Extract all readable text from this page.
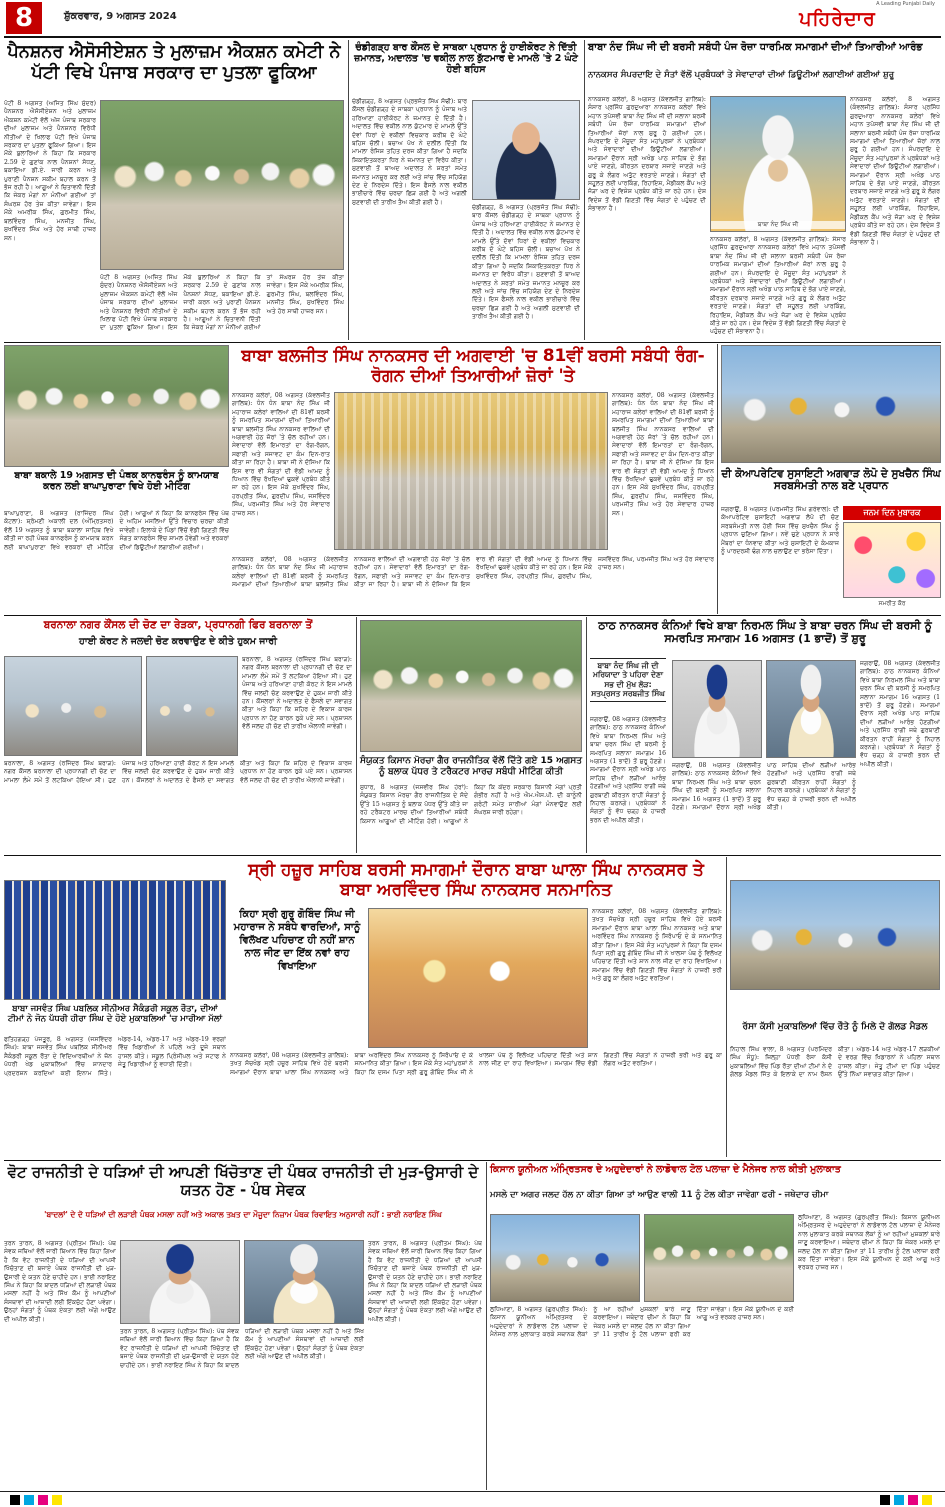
8	ਸ਼ੁੱਕਰਵਾਰ, 9 ਅਗਸਤ 2024
A Leading Punjabi Daily
ਪਹਿਰੇਦਾਰ
ਪੈਨਸ਼ਨਰ ਐਸੋਸੀਏਸ਼ਨ ਤੇ ਮੁਲਾਜ਼ਮ ਐਕਸ਼ਨ ਕਮੇਟੀ ਨੇ ਪੱਟੀ ਵਿਖੇ ਪੰਜਾਬ ਸਰਕਾਰ ਦਾ ਪੁਤਲਾ ਫੂਕਿਆ
ਪੱਟੀ 8 ਅਗਸਤ (ਅਜਿਤ ਸਿੰਘ ਸੁੰਦਰ) ਪੈਨਸ਼ਨਰ ਐਸੋਸੀਏਸ਼ਨ ਅਤੇ ਮੁਲਾਜ਼ਮ ਐਕਸ਼ਨ ਕਮੇਟੀ ਵੱਲੋਂ ਅੱਜ ਪੰਜਾਬ ਸਰਕਾਰ ਦੀਆਂ ਮੁਲਾਜ਼ਮ ਅਤੇ ਪੈਨਸ਼ਨਰ ਵਿਰੋਧੀ ਨੀਤੀਆਂ ਦੇ ਖਿਲਾਫ ਪੱਟੀ ਵਿਖੇ ਪੰਜਾਬ ਸਰਕਾਰ ਦਾ ਪੁਤਲਾ ਫੂਕਿਆ ਗਿਆ। ਇਸ ਮੌਕੇ ਬੁਲਾਰਿਆਂ ਨੇ ਕਿਹਾ ਕਿ ਸਰਕਾਰ 2.59 ਦੇ ਗੁਣਾਂਕ ਨਾਲ ਪੈਨਸ਼ਨਾਂ ਸੋਧਣ, ਬਕਾਇਆ ਡੀ.ਏ. ਜਾਰੀ ਕਰਨ ਅਤੇ ਪੁਰਾਣੀ ਪੈਨਸ਼ਨ ਸਕੀਮ ਬਹਾਲ ਕਰਨ ਤੋਂ ਭੱਜ ਰਹੀ ਹੈ। ਆਗੂਆਂ ਨੇ ਚਿਤਾਵਨੀ ਦਿੱਤੀ ਕਿ ਜੇਕਰ ਮੰਗਾਂ ਨਾ ਮੰਨੀਆਂ ਗਈਆਂ ਤਾਂ ਸੰਘਰਸ਼ ਹੋਰ ਤੇਜ਼ ਕੀਤਾ ਜਾਵੇਗਾ। ਇਸ ਮੌਕੇ ਅਮਰੀਕ ਸਿੰਘ, ਗੁਰਮੀਤ ਸਿੰਘ, ਬਲਵਿੰਦਰ ਸਿੰਘ, ਮਨਜੀਤ ਸਿੰਘ, ਸੁਖਵਿੰਦਰ ਸਿੰਘ ਅਤੇ ਹੋਰ ਸਾਥੀ ਹਾਜ਼ਰ ਸਨ।
ਪੱਟੀ 8 ਅਗਸਤ (ਅਜਿਤ ਸਿੰਘ ਸੁੰਦਰ) ਪੈਨਸ਼ਨਰ ਐਸੋਸੀਏਸ਼ਨ ਅਤੇ ਮੁਲਾਜ਼ਮ ਐਕਸ਼ਨ ਕਮੇਟੀ ਵੱਲੋਂ ਅੱਜ ਪੰਜਾਬ ਸਰਕਾਰ ਦੀਆਂ ਮੁਲਾਜ਼ਮ ਅਤੇ ਪੈਨਸ਼ਨਰ ਵਿਰੋਧੀ ਨੀਤੀਆਂ ਦੇ ਖਿਲਾਫ ਪੱਟੀ ਵਿਖੇ ਪੰਜਾਬ ਸਰਕਾਰ ਦਾ ਪੁਤਲਾ ਫੂਕਿਆ ਗਿਆ। ਇਸ ਮੌਕੇ ਬੁਲਾਰਿਆਂ ਨੇ ਕਿਹਾ ਕਿ ਸਰਕਾਰ 2.59 ਦੇ ਗੁਣਾਂਕ ਨਾਲ ਪੈਨਸ਼ਨਾਂ ਸੋਧਣ, ਬਕਾਇਆ ਡੀ.ਏ. ਜਾਰੀ ਕਰਨ ਅਤੇ ਪੁਰਾਣੀ ਪੈਨਸ਼ਨ ਸਕੀਮ ਬਹਾਲ ਕਰਨ ਤੋਂ ਭੱਜ ਰਹੀ ਹੈ। ਆਗੂਆਂ ਨੇ ਚਿਤਾਵਨੀ ਦਿੱਤੀ ਕਿ ਜੇਕਰ ਮੰਗਾਂ ਨਾ ਮੰਨੀਆਂ ਗਈਆਂ ਤਾਂ ਸੰਘਰਸ਼ ਹੋਰ ਤੇਜ਼ ਕੀਤਾ ਜਾਵੇਗਾ। ਇਸ ਮੌਕੇ ਅਮਰੀਕ ਸਿੰਘ, ਗੁਰਮੀਤ ਸਿੰਘ, ਬਲਵਿੰਦਰ ਸਿੰਘ, ਮਨਜੀਤ ਸਿੰਘ, ਸੁਖਵਿੰਦਰ ਸਿੰਘ ਅਤੇ ਹੋਰ ਸਾਥੀ ਹਾਜ਼ਰ ਸਨ।
ਚੰਡੀਗੜ੍ਹ ਬਾਰ ਕੌਂਸਲ ਦੇ ਸਾਬਕਾ ਪ੍ਰਧਾਨ ਨੂੰ ਹਾਈਕੋਰਟ ਨੇ ਦਿੱਤੀ ਜ਼ਮਾਨਤ, ਅਦਾਲਤ 'ਚ ਵਕੀਲ ਨਾਲ ਕੁੱਟਮਾਰ ਦੇ ਮਾਮਲੇ 'ਤੇ 2 ਘੰਟੇ ਹੋਈ ਬਹਿਸ
ਚੰਡੀਗੜ੍ਹ, 8 ਅਗਸਤ (ਪ੍ਰਭਜੋਤ ਸਿੰਘ ਸੋਢੀ): ਬਾਰ ਕੌਂਸਲ ਚੰਡੀਗੜ੍ਹ ਦੇ ਸਾਬਕਾ ਪ੍ਰਧਾਨ ਨੂੰ ਪੰਜਾਬ ਅਤੇ ਹਰਿਆਣਾ ਹਾਈਕੋਰਟ ਨੇ ਜ਼ਮਾਨਤ ਦੇ ਦਿੱਤੀ ਹੈ। ਅਦਾਲਤ ਵਿੱਚ ਵਕੀਲ ਨਾਲ ਕੁੱਟਮਾਰ ਦੇ ਮਾਮਲੇ ਉੱਤੇ ਦੋਵਾਂ ਧਿਰਾਂ ਦੇ ਵਕੀਲਾਂ ਵਿਚਕਾਰ ਕਰੀਬ ਦੋ ਘੰਟੇ ਬਹਿਸ ਚੱਲੀ। ਬਚਾਅ ਪੱਖ ਨੇ ਦਲੀਲ ਦਿੱਤੀ ਕਿ ਮਾਮਲਾ ਰੰਜਿਸ਼ ਤਹਿਤ ਦਰਜ ਕੀਤਾ ਗਿਆ ਹੈ ਜਦਕਿ ਸ਼ਿਕਾਇਤਕਰਤਾ ਧਿਰ ਨੇ ਜ਼ਮਾਨਤ ਦਾ ਵਿਰੋਧ ਕੀਤਾ। ਸੁਣਵਾਈ ਤੋਂ ਬਾਅਦ ਅਦਾਲਤ ਨੇ ਸ਼ਰਤਾਂ ਸਮੇਤ ਜ਼ਮਾਨਤ ਮਨਜ਼ੂਰ ਕਰ ਲਈ ਅਤੇ ਜਾਂਚ ਵਿੱਚ ਸਹਿਯੋਗ ਦੇਣ ਦੇ ਨਿਰਦੇਸ਼ ਦਿੱਤੇ। ਇਸ ਫੈਸਲੇ ਨਾਲ ਵਕੀਲ ਭਾਈਚਾਰੇ ਵਿੱਚ ਚਰਚਾ ਛਿੜ ਗਈ ਹੈ ਅਤੇ ਅਗਲੀ ਸੁਣਵਾਈ ਦੀ ਤਾਰੀਖ ਤੈਅ ਕੀਤੀ ਗਈ ਹੈ।
ਚੰਡੀਗੜ੍ਹ, 8 ਅਗਸਤ (ਪ੍ਰਭਜੋਤ ਸਿੰਘ ਸੋਢੀ): ਬਾਰ ਕੌਂਸਲ ਚੰਡੀਗੜ੍ਹ ਦੇ ਸਾਬਕਾ ਪ੍ਰਧਾਨ ਨੂੰ ਪੰਜਾਬ ਅਤੇ ਹਰਿਆਣਾ ਹਾਈਕੋਰਟ ਨੇ ਜ਼ਮਾਨਤ ਦੇ ਦਿੱਤੀ ਹੈ। ਅਦਾਲਤ ਵਿੱਚ ਵਕੀਲ ਨਾਲ ਕੁੱਟਮਾਰ ਦੇ ਮਾਮਲੇ ਉੱਤੇ ਦੋਵਾਂ ਧਿਰਾਂ ਦੇ ਵਕੀਲਾਂ ਵਿਚਕਾਰ ਕਰੀਬ ਦੋ ਘੰਟੇ ਬਹਿਸ ਚੱਲੀ। ਬਚਾਅ ਪੱਖ ਨੇ ਦਲੀਲ ਦਿੱਤੀ ਕਿ ਮਾਮਲਾ ਰੰਜਿਸ਼ ਤਹਿਤ ਦਰਜ ਕੀਤਾ ਗਿਆ ਹੈ ਜਦਕਿ ਸ਼ਿਕਾਇਤਕਰਤਾ ਧਿਰ ਨੇ ਜ਼ਮਾਨਤ ਦਾ ਵਿਰੋਧ ਕੀਤਾ। ਸੁਣਵਾਈ ਤੋਂ ਬਾਅਦ ਅਦਾਲਤ ਨੇ ਸ਼ਰਤਾਂ ਸਮੇਤ ਜ਼ਮਾਨਤ ਮਨਜ਼ੂਰ ਕਰ ਲਈ ਅਤੇ ਜਾਂਚ ਵਿੱਚ ਸਹਿਯੋਗ ਦੇਣ ਦੇ ਨਿਰਦੇਸ਼ ਦਿੱਤੇ। ਇਸ ਫੈਸਲੇ ਨਾਲ ਵਕੀਲ ਭਾਈਚਾਰੇ ਵਿੱਚ ਚਰਚਾ ਛਿੜ ਗਈ ਹੈ ਅਤੇ ਅਗਲੀ ਸੁਣਵਾਈ ਦੀ ਤਾਰੀਖ ਤੈਅ ਕੀਤੀ ਗਈ ਹੈ।
ਬਾਬਾ ਨੰਦ ਸਿੰਘ ਜੀ ਦੀ ਬਰਸੀ ਸਬੰਧੀ ਪੰਜ ਰੋਜ਼ਾ ਧਾਰਮਿਕ ਸਮਾਗਮਾਂ ਦੀਆਂ ਤਿਆਰੀਆਂ ਆਰੰਭ
ਨਾਨਕਸਰ ਸੰਪਰਦਾਇ ਦੇ ਸੰਤਾਂ ਵੱਲੋਂ ਪ੍ਰਬੰਧਕਾਂ ਤੇ ਸੇਵਾਦਾਰਾਂ ਦੀਆਂ ਡਿਊਟੀਆਂ ਲਗਾਈਆਂ ਗਈਆਂ ਸ਼ੁਰੂ
ਨਾਨਕਸਰ ਕਲੇਰਾਂ, 8 ਅਗਸਤ (ਕੰਵਲਜੀਤ ਗਾਲਿਬ): ਸੰਸਾਰ ਪ੍ਰਸਿੱਧ ਗੁਰਦੁਆਰਾ ਨਾਨਕਸਰ ਕਲੇਰਾਂ ਵਿਖੇ ਮਹਾਨ ਤਪੱਸਵੀ ਬਾਬਾ ਨੰਦ ਸਿੰਘ ਜੀ ਦੀ ਸਲਾਨਾ ਬਰਸੀ ਸਬੰਧੀ ਪੰਜ ਰੋਜ਼ਾ ਧਾਰਮਿਕ ਸਮਾਗਮਾਂ ਦੀਆਂ ਤਿਆਰੀਆਂ ਜ਼ੋਰਾਂ ਨਾਲ ਸ਼ੁਰੂ ਹੋ ਗਈਆਂ ਹਨ। ਸੰਪਰਦਾਇ ਦੇ ਮੌਜੂਦਾ ਸੰਤ ਮਹਾਂਪੁਰਸ਼ਾਂ ਨੇ ਪ੍ਰਬੰਧਕਾਂ ਅਤੇ ਸੇਵਾਦਾਰਾਂ ਦੀਆਂ ਡਿਊਟੀਆਂ ਲਗਾਈਆਂ। ਸਮਾਗਮਾਂ ਦੌਰਾਨ ਸ੍ਰੀ ਅਖੰਡ ਪਾਠ ਸਾਹਿਬ ਦੇ ਭੋਗ ਪਾਏ ਜਾਣਗੇ, ਕੀਰਤਨ ਦਰਬਾਰ ਸਜਾਏ ਜਾਣਗੇ ਅਤੇ ਗੁਰੂ ਕੇ ਲੰਗਰ ਅਤੁੱਟ ਵਰਤਾਏ ਜਾਣਗੇ। ਸੰਗਤਾਂ ਦੀ ਸਹੂਲਤ ਲਈ ਪਾਰਕਿੰਗ, ਰਿਹਾਇਸ਼, ਮੈਡੀਕਲ ਕੈਂਪ ਅਤੇ ਜੋੜਾ ਘਰ ਦੇ ਵਿਸ਼ੇਸ਼ ਪ੍ਰਬੰਧ ਕੀਤੇ ਜਾ ਰਹੇ ਹਨ। ਦੇਸ਼ ਵਿਦੇਸ਼ ਤੋਂ ਵੱਡੀ ਗਿਣਤੀ ਵਿੱਚ ਸੰਗਤਾਂ ਦੇ ਪਹੁੰਚਣ ਦੀ ਸੰਭਾਵਨਾ ਹੈ।
ਬਾਬਾ ਨੰਦ ਸਿੰਘ ਜੀ
ਨਾਨਕਸਰ ਕਲੇਰਾਂ, 8 ਅਗਸਤ (ਕੰਵਲਜੀਤ ਗਾਲਿਬ): ਸੰਸਾਰ ਪ੍ਰਸਿੱਧ ਗੁਰਦੁਆਰਾ ਨਾਨਕਸਰ ਕਲੇਰਾਂ ਵਿਖੇ ਮਹਾਨ ਤਪੱਸਵੀ ਬਾਬਾ ਨੰਦ ਸਿੰਘ ਜੀ ਦੀ ਸਲਾਨਾ ਬਰਸੀ ਸਬੰਧੀ ਪੰਜ ਰੋਜ਼ਾ ਧਾਰਮਿਕ ਸਮਾਗਮਾਂ ਦੀਆਂ ਤਿਆਰੀਆਂ ਜ਼ੋਰਾਂ ਨਾਲ ਸ਼ੁਰੂ ਹੋ ਗਈਆਂ ਹਨ। ਸੰਪਰਦਾਇ ਦੇ ਮੌਜੂਦਾ ਸੰਤ ਮਹਾਂਪੁਰਸ਼ਾਂ ਨੇ ਪ੍ਰਬੰਧਕਾਂ ਅਤੇ ਸੇਵਾਦਾਰਾਂ ਦੀਆਂ ਡਿਊਟੀਆਂ ਲਗਾਈਆਂ। ਸਮਾਗਮਾਂ ਦੌਰਾਨ ਸ੍ਰੀ ਅਖੰਡ ਪਾਠ ਸਾਹਿਬ ਦੇ ਭੋਗ ਪਾਏ ਜਾਣਗੇ, ਕੀਰਤਨ ਦਰਬਾਰ ਸਜਾਏ ਜਾਣਗੇ ਅਤੇ ਗੁਰੂ ਕੇ ਲੰਗਰ ਅਤੁੱਟ ਵਰਤਾਏ ਜਾਣਗੇ। ਸੰਗਤਾਂ ਦੀ ਸਹੂਲਤ ਲਈ ਪਾਰਕਿੰਗ, ਰਿਹਾਇਸ਼, ਮੈਡੀਕਲ ਕੈਂਪ ਅਤੇ ਜੋੜਾ ਘਰ ਦੇ ਵਿਸ਼ੇਸ਼ ਪ੍ਰਬੰਧ ਕੀਤੇ ਜਾ ਰਹੇ ਹਨ। ਦੇਸ਼ ਵਿਦੇਸ਼ ਤੋਂ ਵੱਡੀ ਗਿਣਤੀ ਵਿੱਚ ਸੰਗਤਾਂ ਦੇ ਪਹੁੰਚਣ ਦੀ ਸੰਭਾਵਨਾ ਹੈ।
ਨਾਨਕਸਰ ਕਲੇਰਾਂ, 8 ਅਗਸਤ (ਕੰਵਲਜੀਤ ਗਾਲਿਬ): ਸੰਸਾਰ ਪ੍ਰਸਿੱਧ ਗੁਰਦੁਆਰਾ ਨਾਨਕਸਰ ਕਲੇਰਾਂ ਵਿਖੇ ਮਹਾਨ ਤਪੱਸਵੀ ਬਾਬਾ ਨੰਦ ਸਿੰਘ ਜੀ ਦੀ ਸਲਾਨਾ ਬਰਸੀ ਸਬੰਧੀ ਪੰਜ ਰੋਜ਼ਾ ਧਾਰਮਿਕ ਸਮਾਗਮਾਂ ਦੀਆਂ ਤਿਆਰੀਆਂ ਜ਼ੋਰਾਂ ਨਾਲ ਸ਼ੁਰੂ ਹੋ ਗਈਆਂ ਹਨ। ਸੰਪਰਦਾਇ ਦੇ ਮੌਜੂਦਾ ਸੰਤ ਮਹਾਂਪੁਰਸ਼ਾਂ ਨੇ ਪ੍ਰਬੰਧਕਾਂ ਅਤੇ ਸੇਵਾਦਾਰਾਂ ਦੀਆਂ ਡਿਊਟੀਆਂ ਲਗਾਈਆਂ। ਸਮਾਗਮਾਂ ਦੌਰਾਨ ਸ੍ਰੀ ਅਖੰਡ ਪਾਠ ਸਾਹਿਬ ਦੇ ਭੋਗ ਪਾਏ ਜਾਣਗੇ, ਕੀਰਤਨ ਦਰਬਾਰ ਸਜਾਏ ਜਾਣਗੇ ਅਤੇ ਗੁਰੂ ਕੇ ਲੰਗਰ ਅਤੁੱਟ ਵਰਤਾਏ ਜਾਣਗੇ। ਸੰਗਤਾਂ ਦੀ ਸਹੂਲਤ ਲਈ ਪਾਰਕਿੰਗ, ਰਿਹਾਇਸ਼, ਮੈਡੀਕਲ ਕੈਂਪ ਅਤੇ ਜੋੜਾ ਘਰ ਦੇ ਵਿਸ਼ੇਸ਼ ਪ੍ਰਬੰਧ ਕੀਤੇ ਜਾ ਰਹੇ ਹਨ। ਦੇਸ਼ ਵਿਦੇਸ਼ ਤੋਂ ਵੱਡੀ ਗਿਣਤੀ ਵਿੱਚ ਸੰਗਤਾਂ ਦੇ ਪਹੁੰਚਣ ਦੀ ਸੰਭਾਵਨਾ ਹੈ।
ਬਾਬਾ ਬਲਜੀਤ ਸਿੰਘ ਨਾਨਕਸਰ ਦੀ ਅਗਵਾਈ 'ਚ 81ਵੀਂ ਬਰਸੀ ਸਬੰਧੀ ਰੰਗ-ਰੋਗਨ ਦੀਆਂ ਤਿਆਰੀਆਂ ਜ਼ੋਰਾਂ 'ਤੇ
ਨਾਨਕਸਰ ਕਲੇਰਾਂ, 08 ਅਗਸਤ (ਕੰਵਲਜੀਤ ਗਾਲਿਬ): ਧੰਨ ਧੰਨ ਬਾਬਾ ਨੰਦ ਸਿੰਘ ਜੀ ਮਹਾਰਾਜ ਕਲੇਰਾਂ ਵਾਲਿਆਂ ਦੀ 81ਵੀਂ ਬਰਸੀ ਨੂੰ ਸਮਰਪਿਤ ਸਮਾਗਮਾਂ ਦੀਆਂ ਤਿਆਰੀਆਂ ਬਾਬਾ ਬਲਜੀਤ ਸਿੰਘ ਨਾਨਕਸਰ ਵਾਲਿਆਂ ਦੀ ਅਗਵਾਈ ਹੇਠ ਜ਼ੋਰਾਂ 'ਤੇ ਚੱਲ ਰਹੀਆਂ ਹਨ। ਸੇਵਾਦਾਰਾਂ ਵੱਲੋਂ ਇਮਾਰਤਾਂ ਦਾ ਰੰਗ-ਰੋਗਨ, ਸਫਾਈ ਅਤੇ ਸਜਾਵਟ ਦਾ ਕੰਮ ਦਿਨ-ਰਾਤ ਕੀਤਾ ਜਾ ਰਿਹਾ ਹੈ। ਬਾਬਾ ਜੀ ਨੇ ਦੱਸਿਆ ਕਿ ਇਸ ਵਾਰ ਵੀ ਸੰਗਤਾਂ ਦੀ ਵੱਡੀ ਆਮਦ ਨੂੰ ਧਿਆਨ ਵਿੱਚ ਰੱਖਦਿਆਂ ਢੁਕਵੇਂ ਪ੍ਰਬੰਧ ਕੀਤੇ ਜਾ ਰਹੇ ਹਨ। ਇਸ ਮੌਕੇ ਸੁਖਵਿੰਦਰ ਸਿੰਘ, ਹਰਪ੍ਰੀਤ ਸਿੰਘ, ਗੁਰਦੀਪ ਸਿੰਘ, ਜਸਵਿੰਦਰ ਸਿੰਘ, ਪਰਮਜੀਤ ਸਿੰਘ ਅਤੇ ਹੋਰ ਸੇਵਾਦਾਰ ਹਾਜ਼ਰ ਸਨ।
ਨਾਨਕਸਰ ਕਲੇਰਾਂ, 08 ਅਗਸਤ (ਕੰਵਲਜੀਤ ਗਾਲਿਬ): ਧੰਨ ਧੰਨ ਬਾਬਾ ਨੰਦ ਸਿੰਘ ਜੀ ਮਹਾਰਾਜ ਕਲੇਰਾਂ ਵਾਲਿਆਂ ਦੀ 81ਵੀਂ ਬਰਸੀ ਨੂੰ ਸਮਰਪਿਤ ਸਮਾਗਮਾਂ ਦੀਆਂ ਤਿਆਰੀਆਂ ਬਾਬਾ ਬਲਜੀਤ ਸਿੰਘ ਨਾਨਕਸਰ ਵਾਲਿਆਂ ਦੀ ਅਗਵਾਈ ਹੇਠ ਜ਼ੋਰਾਂ 'ਤੇ ਚੱਲ ਰਹੀਆਂ ਹਨ। ਸੇਵਾਦਾਰਾਂ ਵੱਲੋਂ ਇਮਾਰਤਾਂ ਦਾ ਰੰਗ-ਰੋਗਨ, ਸਫਾਈ ਅਤੇ ਸਜਾਵਟ ਦਾ ਕੰਮ ਦਿਨ-ਰਾਤ ਕੀਤਾ ਜਾ ਰਿਹਾ ਹੈ। ਬਾਬਾ ਜੀ ਨੇ ਦੱਸਿਆ ਕਿ ਇਸ ਵਾਰ ਵੀ ਸੰਗਤਾਂ ਦੀ ਵੱਡੀ ਆਮਦ ਨੂੰ ਧਿਆਨ ਵਿੱਚ ਰੱਖਦਿਆਂ ਢੁਕਵੇਂ ਪ੍ਰਬੰਧ ਕੀਤੇ ਜਾ ਰਹੇ ਹਨ। ਇਸ ਮੌਕੇ ਸੁਖਵਿੰਦਰ ਸਿੰਘ, ਹਰਪ੍ਰੀਤ ਸਿੰਘ, ਗੁਰਦੀਪ ਸਿੰਘ, ਜਸਵਿੰਦਰ ਸਿੰਘ, ਪਰਮਜੀਤ ਸਿੰਘ ਅਤੇ ਹੋਰ ਸੇਵਾਦਾਰ ਹਾਜ਼ਰ ਸਨ।
ਬਾਬਾ ਬਕਾਲੇ 19 ਅਗਸਤ ਦੀ ਪੰਥਕ ਕਾਨਫਰੰਸ ਨੂੰ ਕਾਮਯਾਬ ਕਰਨ ਲਈ ਬਾਘਾਪੁਰਾਣਾ ਵਿਖੇ ਹੋਈ ਮੀਟਿੰਗ
ਬਾਘਾਪੁਰਾਣਾ, 8 ਅਗਸਤ (ਰਾਜਿੰਦਰ ਸਿੰਘ ਕੋਟਲਾ): ਸ਼੍ਰੋਮਣੀ ਅਕਾਲੀ ਦਲ (ਅੰਮ੍ਰਿਤਸਰ) ਵੱਲੋਂ 19 ਅਗਸਤ ਨੂੰ ਬਾਬਾ ਬਕਾਲਾ ਸਾਹਿਬ ਵਿਖੇ ਕੀਤੀ ਜਾ ਰਹੀ ਪੰਥਕ ਕਾਨਫਰੰਸ ਨੂੰ ਕਾਮਯਾਬ ਕਰਨ ਲਈ ਬਾਘਾਪੁਰਾਣਾ ਵਿਖੇ ਵਰਕਰਾਂ ਦੀ ਮੀਟਿੰਗ ਹੋਈ। ਆਗੂਆਂ ਨੇ ਕਿਹਾ ਕਿ ਕਾਨਫਰੰਸ ਵਿੱਚ ਪੰਥ ਦੇ ਅਹਿਮ ਮਸਲਿਆਂ ਉੱਤੇ ਵਿਚਾਰ ਚਰਚਾ ਕੀਤੀ ਜਾਵੇਗੀ। ਇਲਾਕੇ ਦੇ ਪਿੰਡਾਂ ਵਿੱਚੋਂ ਵੱਡੀ ਗਿਣਤੀ ਵਿੱਚ ਸੰਗਤ ਕਾਨਫਰੰਸ ਵਿੱਚ ਸ਼ਾਮਲ ਹੋਵੇਗੀ ਅਤੇ ਵਰਕਰਾਂ ਦੀਆਂ ਡਿਊਟੀਆਂ ਲਗਾਈਆਂ ਗਈਆਂ।
ਨਾਨਕਸਰ ਕਲੇਰਾਂ, 08 ਅਗਸਤ (ਕੰਵਲਜੀਤ ਗਾਲਿਬ): ਧੰਨ ਧੰਨ ਬਾਬਾ ਨੰਦ ਸਿੰਘ ਜੀ ਮਹਾਰਾਜ ਕਲੇਰਾਂ ਵਾਲਿਆਂ ਦੀ 81ਵੀਂ ਬਰਸੀ ਨੂੰ ਸਮਰਪਿਤ ਸਮਾਗਮਾਂ ਦੀਆਂ ਤਿਆਰੀਆਂ ਬਾਬਾ ਬਲਜੀਤ ਸਿੰਘ ਨਾਨਕਸਰ ਵਾਲਿਆਂ ਦੀ ਅਗਵਾਈ ਹੇਠ ਜ਼ੋਰਾਂ 'ਤੇ ਚੱਲ ਰਹੀਆਂ ਹਨ। ਸੇਵਾਦਾਰਾਂ ਵੱਲੋਂ ਇਮਾਰਤਾਂ ਦਾ ਰੰਗ-ਰੋਗਨ, ਸਫਾਈ ਅਤੇ ਸਜਾਵਟ ਦਾ ਕੰਮ ਦਿਨ-ਰਾਤ ਕੀਤਾ ਜਾ ਰਿਹਾ ਹੈ। ਬਾਬਾ ਜੀ ਨੇ ਦੱਸਿਆ ਕਿ ਇਸ ਵਾਰ ਵੀ ਸੰਗਤਾਂ ਦੀ ਵੱਡੀ ਆਮਦ ਨੂੰ ਧਿਆਨ ਵਿੱਚ ਰੱਖਦਿਆਂ ਢੁਕਵੇਂ ਪ੍ਰਬੰਧ ਕੀਤੇ ਜਾ ਰਹੇ ਹਨ। ਇਸ ਮੌਕੇ ਸੁਖਵਿੰਦਰ ਸਿੰਘ, ਹਰਪ੍ਰੀਤ ਸਿੰਘ, ਗੁਰਦੀਪ ਸਿੰਘ, ਜਸਵਿੰਦਰ ਸਿੰਘ, ਪਰਮਜੀਤ ਸਿੰਘ ਅਤੇ ਹੋਰ ਸੇਵਾਦਾਰ ਹਾਜ਼ਰ ਸਨ।
ਦੀ ਕੋਆਪਰੇਟਿਵ ਸੁਸਾਇਟੀ ਅਗਵਾੜ ਲੋਪੋ ਦੇ ਸੁਖਚੈਨ ਸਿੰਘ ਸਰਬਸੰਮਤੀ ਨਾਲ ਬਣੇ ਪ੍ਰਧਾਨ
ਜਗਰਾਉਂ, 8 ਅਗਸਤ (ਪਰਮਜੀਤ ਸਿੰਘ ਗਰੇਵਾਲ): ਦੀ ਕੋਆਪਰੇਟਿਵ ਸੁਸਾਇਟੀ ਅਗਵਾੜ ਲੋਪੋ ਦੀ ਚੋਣ ਸਰਬਸੰਮਤੀ ਨਾਲ ਹੋਈ ਜਿਸ ਵਿੱਚ ਸੁਖਚੈਨ ਸਿੰਘ ਨੂੰ ਪ੍ਰਧਾਨ ਚੁਣਿਆ ਗਿਆ। ਨਵੇਂ ਚੁਣੇ ਪ੍ਰਧਾਨ ਨੇ ਸਾਰੇ ਮੈਂਬਰਾਂ ਦਾ ਧੰਨਵਾਦ ਕੀਤਾ ਅਤੇ ਸੁਸਾਇਟੀ ਦੇ ਕੰਮਕਾਜ ਨੂੰ ਪਾਰਦਰਸ਼ੀ ਢੰਗ ਨਾਲ ਚਲਾਉਣ ਦਾ ਭਰੋਸਾ ਦਿੱਤਾ।
ਜਨਮ ਦਿਨ ਮੁਬਾਰਕ
ਸਮਰੀਤ ਕੌਰ
ਬਰਨਾਲਾ ਨਗਰ ਕੌਂਸਲ ਦੀ ਚੋਣ ਦਾ ਰੇੜਕਾ, ਪ੍ਰਧਾਨਗੀ ਫਿਰ ਬਰਨਾਲਾ ਤੋਂ
ਹਾਈ ਕੋਰਟ ਨੇ ਜਲਦੀ ਚੋਣ ਕਰਵਾਉਣ ਦੇ ਕੀਤੇ ਹੁਕਮ ਜਾਰੀ
ਬਰਨਾਲਾ, 8 ਅਗਸਤ (ਰਜਿੰਦਰ ਸਿੰਘ ਬਰਾੜ): ਨਗਰ ਕੌਂਸਲ ਬਰਨਾਲਾ ਦੀ ਪ੍ਰਧਾਨਗੀ ਦੀ ਚੋਣ ਦਾ ਮਾਮਲਾ ਲੰਮੇ ਸਮੇਂ ਤੋਂ ਲਟਕਿਆ ਹੋਇਆ ਸੀ। ਹੁਣ ਪੰਜਾਬ ਅਤੇ ਹਰਿਆਣਾ ਹਾਈ ਕੋਰਟ ਨੇ ਇਸ ਮਾਮਲੇ ਵਿੱਚ ਜਲਦੀ ਚੋਣ ਕਰਵਾਉਣ ਦੇ ਹੁਕਮ ਜਾਰੀ ਕੀਤੇ ਹਨ। ਕੌਂਸਲਰਾਂ ਨੇ ਅਦਾਲਤ ਦੇ ਫੈਸਲੇ ਦਾ ਸਵਾਗਤ ਕੀਤਾ ਅਤੇ ਕਿਹਾ ਕਿ ਸ਼ਹਿਰ ਦੇ ਵਿਕਾਸ ਕਾਰਜ ਪ੍ਰਧਾਨ ਨਾ ਹੋਣ ਕਾਰਨ ਰੁਕੇ ਪਏ ਸਨ। ਪ੍ਰਸ਼ਾਸਨ ਵੱਲੋਂ ਜਲਦ ਹੀ ਚੋਣ ਦੀ ਤਾਰੀਖ ਐਲਾਨੀ ਜਾਵੇਗੀ।
ਬਰਨਾਲਾ, 8 ਅਗਸਤ (ਰਜਿੰਦਰ ਸਿੰਘ ਬਰਾੜ): ਨਗਰ ਕੌਂਸਲ ਬਰਨਾਲਾ ਦੀ ਪ੍ਰਧਾਨਗੀ ਦੀ ਚੋਣ ਦਾ ਮਾਮਲਾ ਲੰਮੇ ਸਮੇਂ ਤੋਂ ਲਟਕਿਆ ਹੋਇਆ ਸੀ। ਹੁਣ ਪੰਜਾਬ ਅਤੇ ਹਰਿਆਣਾ ਹਾਈ ਕੋਰਟ ਨੇ ਇਸ ਮਾਮਲੇ ਵਿੱਚ ਜਲਦੀ ਚੋਣ ਕਰਵਾਉਣ ਦੇ ਹੁਕਮ ਜਾਰੀ ਕੀਤੇ ਹਨ। ਕੌਂਸਲਰਾਂ ਨੇ ਅਦਾਲਤ ਦੇ ਫੈਸਲੇ ਦਾ ਸਵਾਗਤ ਕੀਤਾ ਅਤੇ ਕਿਹਾ ਕਿ ਸ਼ਹਿਰ ਦੇ ਵਿਕਾਸ ਕਾਰਜ ਪ੍ਰਧਾਨ ਨਾ ਹੋਣ ਕਾਰਨ ਰੁਕੇ ਪਏ ਸਨ। ਪ੍ਰਸ਼ਾਸਨ ਵੱਲੋਂ ਜਲਦ ਹੀ ਚੋਣ ਦੀ ਤਾਰੀਖ ਐਲਾਨੀ ਜਾਵੇਗੀ।
ਸੰਯੁਕਤ ਕਿਸਾਨ ਮੋਰਚਾ ਗੈਰ ਰਾਜਨੀਤਿਕ ਵੱਲੋਂ ਦਿੱਤੇ ਗਏ 15 ਅਗਸਤ ਨੂੰ ਬਲਾਕ ਪੱਧਰ ਤੇ ਟਰੈਕਟਰ ਮਾਰਚ ਸਬੰਧੀ ਮੀਟਿੰਗ ਕੀਤੀ
ਸੁਧਾਰ, 8 ਅਗਸਤ (ਜਸਵੀਰ ਸਿੰਘ ਹੇਰਾਂ): ਸੰਯੁਕਤ ਕਿਸਾਨ ਮੋਰਚਾ ਗੈਰ ਰਾਜਨੀਤਿਕ ਦੇ ਸੱਦੇ ਉੱਤੇ 15 ਅਗਸਤ ਨੂੰ ਬਲਾਕ ਪੱਧਰ ਉੱਤੇ ਕੀਤੇ ਜਾ ਰਹੇ ਟਰੈਕਟਰ ਮਾਰਚ ਦੀਆਂ ਤਿਆਰੀਆਂ ਸਬੰਧੀ ਕਿਸਾਨ ਆਗੂਆਂ ਦੀ ਮੀਟਿੰਗ ਹੋਈ। ਆਗੂਆਂ ਨੇ ਕਿਹਾ ਕਿ ਕੇਂਦਰ ਸਰਕਾਰ ਕਿਸਾਨੀ ਮੰਗਾਂ ਪ੍ਰਤੀ ਗੰਭੀਰ ਨਹੀਂ ਹੈ ਅਤੇ ਐਮ.ਐਸ.ਪੀ. ਦੀ ਕਾਨੂੰਨੀ ਗਰੰਟੀ ਸਮੇਤ ਸਾਰੀਆਂ ਮੰਗਾਂ ਮੰਨਵਾਉਣ ਲਈ ਸੰਘਰਸ਼ ਜਾਰੀ ਰਹੇਗਾ।
ਠਾਠ ਨਾਨਕਸਰ ਕੰਨਿਆਂ ਵਿਖੇ ਬਾਬਾ ਨਿਰਮਲ ਸਿੰਘ ਤੇ ਬਾਬਾ ਚਰਨ ਸਿੰਘ ਦੀ ਬਰਸੀ ਨੂੰ ਸਮਰਪਿਤ ਸਮਾਗਮ 16 ਅਗਸਤ (1 ਭਾਦੋਂ) ਤੋਂ ਸ਼ੁਰੂ
ਬਾਬਾ ਨੰਦ ਸਿੰਘ ਜੀ ਦੀ ਮਰਿਯਾਦਾ ਤੇ ਪਹਿਰਾ ਦੇਣਾ ਸਭ ਦੀ ਮੁੱਖ ਲੋੜ: ਸਤਪ੍ਰਸਤ ਸਰਬਜੀਤ ਸਿੰਘ
ਜਗਰਾਉਂ, 08 ਅਗਸਤ (ਕੰਵਲਜੀਤ ਗਾਲਿਬ): ਠਾਠ ਨਾਨਕਸਰ ਕੰਨਿਆਂ ਵਿਖੇ ਬਾਬਾ ਨਿਰਮਲ ਸਿੰਘ ਅਤੇ ਬਾਬਾ ਚਰਨ ਸਿੰਘ ਦੀ ਬਰਸੀ ਨੂੰ ਸਮਰਪਿਤ ਸਲਾਨਾ ਸਮਾਗਮ 16 ਅਗਸਤ (1 ਭਾਦੋਂ) ਤੋਂ ਸ਼ੁਰੂ ਹੋਣਗੇ। ਸਮਾਗਮਾਂ ਦੌਰਾਨ ਸ੍ਰੀ ਅਖੰਡ ਪਾਠ ਸਾਹਿਬ ਦੀਆਂ ਲੜੀਆਂ ਆਰੰਭ ਹੋਣਗੀਆਂ ਅਤੇ ਪ੍ਰਸਿੱਧ ਰਾਗੀ ਜਥੇ ਗੁਰਬਾਣੀ ਕੀਰਤਨ ਰਾਹੀਂ ਸੰਗਤਾਂ ਨੂੰ ਨਿਹਾਲ ਕਰਨਗੇ। ਪ੍ਰਬੰਧਕਾਂ ਨੇ ਸੰਗਤਾਂ ਨੂੰ ਵੱਧ ਚੜ੍ਹ ਕੇ ਹਾਜ਼ਰੀ ਭਰਨ ਦੀ ਅਪੀਲ ਕੀਤੀ।
ਜਗਰਾਉਂ, 08 ਅਗਸਤ (ਕੰਵਲਜੀਤ ਗਾਲਿਬ): ਠਾਠ ਨਾਨਕਸਰ ਕੰਨਿਆਂ ਵਿਖੇ ਬਾਬਾ ਨਿਰਮਲ ਸਿੰਘ ਅਤੇ ਬਾਬਾ ਚਰਨ ਸਿੰਘ ਦੀ ਬਰਸੀ ਨੂੰ ਸਮਰਪਿਤ ਸਲਾਨਾ ਸਮਾਗਮ 16 ਅਗਸਤ (1 ਭਾਦੋਂ) ਤੋਂ ਸ਼ੁਰੂ ਹੋਣਗੇ। ਸਮਾਗਮਾਂ ਦੌਰਾਨ ਸ੍ਰੀ ਅਖੰਡ ਪਾਠ ਸਾਹਿਬ ਦੀਆਂ ਲੜੀਆਂ ਆਰੰਭ ਹੋਣਗੀਆਂ ਅਤੇ ਪ੍ਰਸਿੱਧ ਰਾਗੀ ਜਥੇ ਗੁਰਬਾਣੀ ਕੀਰਤਨ ਰਾਹੀਂ ਸੰਗਤਾਂ ਨੂੰ ਨਿਹਾਲ ਕਰਨਗੇ। ਪ੍ਰਬੰਧਕਾਂ ਨੇ ਸੰਗਤਾਂ ਨੂੰ ਵੱਧ ਚੜ੍ਹ ਕੇ ਹਾਜ਼ਰੀ ਭਰਨ ਦੀ ਅਪੀਲ ਕੀਤੀ।
ਜਗਰਾਉਂ, 08 ਅਗਸਤ (ਕੰਵਲਜੀਤ ਗਾਲਿਬ): ਠਾਠ ਨਾਨਕਸਰ ਕੰਨਿਆਂ ਵਿਖੇ ਬਾਬਾ ਨਿਰਮਲ ਸਿੰਘ ਅਤੇ ਬਾਬਾ ਚਰਨ ਸਿੰਘ ਦੀ ਬਰਸੀ ਨੂੰ ਸਮਰਪਿਤ ਸਲਾਨਾ ਸਮਾਗਮ 16 ਅਗਸਤ (1 ਭਾਦੋਂ) ਤੋਂ ਸ਼ੁਰੂ ਹੋਣਗੇ। ਸਮਾਗਮਾਂ ਦੌਰਾਨ ਸ੍ਰੀ ਅਖੰਡ ਪਾਠ ਸਾਹਿਬ ਦੀਆਂ ਲੜੀਆਂ ਆਰੰਭ ਹੋਣਗੀਆਂ ਅਤੇ ਪ੍ਰਸਿੱਧ ਰਾਗੀ ਜਥੇ ਗੁਰਬਾਣੀ ਕੀਰਤਨ ਰਾਹੀਂ ਸੰਗਤਾਂ ਨੂੰ ਨਿਹਾਲ ਕਰਨਗੇ। ਪ੍ਰਬੰਧਕਾਂ ਨੇ ਸੰਗਤਾਂ ਨੂੰ ਵੱਧ ਚੜ੍ਹ ਕੇ ਹਾਜ਼ਰੀ ਭਰਨ ਦੀ ਅਪੀਲ ਕੀਤੀ।
ਸ੍ਰੀ ਹਜ਼ੂਰ ਸਾਹਿਬ ਬਰਸੀ ਸਮਾਗਮਾਂ ਦੌਰਾਨ ਬਾਬਾ ਘਾਲਾ ਸਿੰਘ ਨਾਨਕਸਰ ਤੇ ਬਾਬਾ ਅਰਵਿੰਦਰ ਸਿੰਘ ਨਾਨਕਸਰ ਸਨਮਾਨਿਤ
ਕਿਹਾ ਸ੍ਰੀ ਗੁਰੂ ਗੋਬਿੰਦ ਸਿੰਘ ਜੀ ਮਹਾਰਾਜ ਨੇ ਸਬੰਧੇ ਵਾਰਦਿਆਂ, ਸਾਨੂੰ ਵਿਲੱਖਣ ਪਹਿਚਾਣ ਹੀ ਨਹੀਂ ਸ਼ਾਨ ਨਾਲ ਜੀਣ ਦਾ ਇੱਕ ਨਵਾਂ ਰਾਹ ਵਿਖਾਇਆ
ਨਾਨਕਸਰ ਕਲੇਰਾਂ, 08 ਅਗਸਤ (ਕੰਵਲਜੀਤ ਗਾਲਿਬ): ਤਖਤ ਸੱਚਖੰਡ ਸ੍ਰੀ ਹਜ਼ੂਰ ਸਾਹਿਬ ਵਿਖੇ ਹੋਏ ਬਰਸੀ ਸਮਾਗਮਾਂ ਦੌਰਾਨ ਬਾਬਾ ਘਾਲਾ ਸਿੰਘ ਨਾਨਕਸਰ ਅਤੇ ਬਾਬਾ ਅਰਵਿੰਦਰ ਸਿੰਘ ਨਾਨਕਸਰ ਨੂੰ ਸਿਰੋਪਾਓ ਦੇ ਕੇ ਸਨਮਾਨਿਤ ਕੀਤਾ ਗਿਆ। ਇਸ ਮੌਕੇ ਸੰਤ ਮਹਾਂਪੁਰਸ਼ਾਂ ਨੇ ਕਿਹਾ ਕਿ ਦਸਮ ਪਿਤਾ ਸ੍ਰੀ ਗੁਰੂ ਗੋਬਿੰਦ ਸਿੰਘ ਜੀ ਨੇ ਖਾਲਸਾ ਪੰਥ ਨੂੰ ਵਿਲੱਖਣ ਪਹਿਚਾਣ ਦਿੱਤੀ ਅਤੇ ਸ਼ਾਨ ਨਾਲ ਜੀਣ ਦਾ ਰਾਹ ਵਿਖਾਇਆ। ਸਮਾਗਮ ਵਿੱਚ ਵੱਡੀ ਗਿਣਤੀ ਵਿੱਚ ਸੰਗਤਾਂ ਨੇ ਹਾਜ਼ਰੀ ਭਰੀ ਅਤੇ ਗੁਰੂ ਕਾ ਲੰਗਰ ਅਤੁੱਟ ਵਰਤਿਆ।
ਨਾਨਕਸਰ ਕਲੇਰਾਂ, 08 ਅਗਸਤ (ਕੰਵਲਜੀਤ ਗਾਲਿਬ): ਤਖਤ ਸੱਚਖੰਡ ਸ੍ਰੀ ਹਜ਼ੂਰ ਸਾਹਿਬ ਵਿਖੇ ਹੋਏ ਬਰਸੀ ਸਮਾਗਮਾਂ ਦੌਰਾਨ ਬਾਬਾ ਘਾਲਾ ਸਿੰਘ ਨਾਨਕਸਰ ਅਤੇ ਬਾਬਾ ਅਰਵਿੰਦਰ ਸਿੰਘ ਨਾਨਕਸਰ ਨੂੰ ਸਿਰੋਪਾਓ ਦੇ ਕੇ ਸਨਮਾਨਿਤ ਕੀਤਾ ਗਿਆ। ਇਸ ਮੌਕੇ ਸੰਤ ਮਹਾਂਪੁਰਸ਼ਾਂ ਨੇ ਕਿਹਾ ਕਿ ਦਸਮ ਪਿਤਾ ਸ੍ਰੀ ਗੁਰੂ ਗੋਬਿੰਦ ਸਿੰਘ ਜੀ ਨੇ ਖਾਲਸਾ ਪੰਥ ਨੂੰ ਵਿਲੱਖਣ ਪਹਿਚਾਣ ਦਿੱਤੀ ਅਤੇ ਸ਼ਾਨ ਨਾਲ ਜੀਣ ਦਾ ਰਾਹ ਵਿਖਾਇਆ। ਸਮਾਗਮ ਵਿੱਚ ਵੱਡੀ ਗਿਣਤੀ ਵਿੱਚ ਸੰਗਤਾਂ ਨੇ ਹਾਜ਼ਰੀ ਭਰੀ ਅਤੇ ਗੁਰੂ ਕਾ ਲੰਗਰ ਅਤੁੱਟ ਵਰਤਿਆ।
ਬਾਬਾ ਜਸਵੰਤ ਸਿੰਘ ਪਬਲਿਕ ਸੀਨੀਅਰ ਸੈਕੰਡਰੀ ਸਕੂਲ ਰੌਤਾ, ਦੀਆਂ ਟੀਮਾਂ ਨੇ ਜੋਨ ਪੱਧਰੀ ਹੀਰਾ ਸਿੰਘ ਦੇ ਹੋਏ ਮੁਕਾਬਲਿਆਂ 'ਚ ਮਾਰੀਆ ਮੱਲਾਂ
ਫਤਿਹਗੜ੍ਹ ਪੰਜਤੂਰ, 8 ਅਗਸਤ (ਜਸਵਿੰਦਰ ਸਿੰਘ): ਬਾਬਾ ਜਸਵੰਤ ਸਿੰਘ ਪਬਲਿਕ ਸੀਨੀਅਰ ਸੈਕੰਡਰੀ ਸਕੂਲ ਰੌਤਾ ਦੇ ਵਿਦਿਆਰਥੀਆਂ ਨੇ ਜ਼ੋਨ ਪੱਧਰੀ ਖੇਡ ਮੁਕਾਬਲਿਆਂ ਵਿੱਚ ਸ਼ਾਨਦਾਰ ਪ੍ਰਦਰਸ਼ਨ ਕਰਦਿਆਂ ਕਈ ਇਨਾਮ ਜਿੱਤੇ। ਅੰਡਰ-14, ਅੰਡਰ-17 ਅਤੇ ਅੰਡਰ-19 ਵਰਗਾਂ ਵਿੱਚ ਖਿਡਾਰੀਆਂ ਨੇ ਪਹਿਲੇ ਅਤੇ ਦੂਜੇ ਸਥਾਨ ਹਾਸਲ ਕੀਤੇ। ਸਕੂਲ ਪ੍ਰਿੰਸੀਪਲ ਅਤੇ ਸਟਾਫ ਨੇ ਜੇਤੂ ਖਿਡਾਰੀਆਂ ਨੂੰ ਵਧਾਈ ਦਿੱਤੀ।
ਰੱਸਾ ਕੱਸੀ ਮੁਕਾਬਲਿਆਂ ਵਿੱਚ ਰੌਤੇ ਨੂੰ ਮਿਲੇ ਦੋ ਗੋਲਡ ਮੈਡਲ
ਨਿਹਾਲ ਸਿੰਘ ਵਾਲਾ, 8 ਅਗਸਤ (ਪਰਮਿੰਦਰ ਸਿੰਘ ਸੰਧੂ): ਜ਼ਿਲ੍ਹਾ ਪੱਧਰੀ ਰੱਸਾ ਕੱਸੀ ਮੁਕਾਬਲਿਆਂ ਵਿੱਚ ਪਿੰਡ ਰੌਤਾ ਦੀਆਂ ਟੀਮਾਂ ਨੇ ਦੋ ਗੋਲਡ ਮੈਡਲ ਜਿੱਤ ਕੇ ਇਲਾਕੇ ਦਾ ਨਾਮ ਰੌਸ਼ਨ ਕੀਤਾ। ਅੰਡਰ-14 ਅਤੇ ਅੰਡਰ-17 ਲੜਕੀਆਂ ਦੇ ਵਰਗ ਵਿੱਚ ਖਿਡਾਰਨਾਂ ਨੇ ਪਹਿਲਾ ਸਥਾਨ ਹਾਸਲ ਕੀਤਾ। ਜੇਤੂ ਟੀਮਾਂ ਦਾ ਪਿੰਡ ਪਹੁੰਚਣ ਉੱਤੇ ਨਿੱਘਾ ਸਵਾਗਤ ਕੀਤਾ ਗਿਆ।
ਵੋਟ ਰਾਜਨੀਤੀ ਦੇ ਧੜਿਆਂ ਦੀ ਆਪਣੀ ਖਿੱਚੋਤਾਣ ਦੀ ਪੰਥਕ ਰਾਜਨੀਤੀ ਦੀ ਮੁੜ-ਉਸਾਰੀ ਦੇ ਯਤਨ ਹੋਣ - ਪੰਥ ਸੇਵਕ
'ਬਾਦਲਾਂ' ਦੇ ਦੋ ਧੜਿਆਂ ਦੀ ਲੜਾਈ ਪੰਥਕ ਮਸਲਾ ਨਹੀਂ ਅਤੇ ਅਕਾਲ ਤਖ਼ਤ ਦਾ ਮੌਜੂਦਾ ਨਿਜ਼ਾਮ ਪੰਥਕ ਰਿਵਾਇਤ ਅਨੁਸਾਰੀ ਨਹੀਂ : ਭਾਈ ਨਰਾਇਣ ਸਿੰਘ
ਤਰਨ ਤਾਰਨ, 8 ਅਗਸਤ (ਪ੍ਰੀਤਮ ਸਿੰਘ): ਪੰਥ ਸੇਵਕ ਜਥਿਆਂ ਵੱਲੋਂ ਜਾਰੀ ਬਿਆਨ ਵਿੱਚ ਕਿਹਾ ਗਿਆ ਹੈ ਕਿ ਵੋਟ ਰਾਜਨੀਤੀ ਦੇ ਧੜਿਆਂ ਦੀ ਆਪਸੀ ਖਿੱਚੋਤਾਣ ਦੀ ਬਜਾਏ ਪੰਥਕ ਰਾਜਨੀਤੀ ਦੀ ਮੁੜ-ਉਸਾਰੀ ਦੇ ਯਤਨ ਹੋਣੇ ਚਾਹੀਦੇ ਹਨ। ਭਾਈ ਨਰਾਇਣ ਸਿੰਘ ਨੇ ਕਿਹਾ ਕਿ ਬਾਦਲ ਧੜਿਆਂ ਦੀ ਲੜਾਈ ਪੰਥਕ ਮਸਲਾ ਨਹੀਂ ਹੈ ਅਤੇ ਸਿੱਖ ਕੌਮ ਨੂੰ ਆਪਣੀਆਂ ਸੰਸਥਾਵਾਂ ਦੀ ਆਜ਼ਾਦੀ ਲਈ ਇੱਕਜੁੱਟ ਹੋਣਾ ਪਵੇਗਾ। ਉਨ੍ਹਾਂ ਸੰਗਤਾਂ ਨੂੰ ਪੰਥਕ ਏਕਤਾ ਲਈ ਅੱਗੇ ਆਉਣ ਦੀ ਅਪੀਲ ਕੀਤੀ।
ਤਰਨ ਤਾਰਨ, 8 ਅਗਸਤ (ਪ੍ਰੀਤਮ ਸਿੰਘ): ਪੰਥ ਸੇਵਕ ਜਥਿਆਂ ਵੱਲੋਂ ਜਾਰੀ ਬਿਆਨ ਵਿੱਚ ਕਿਹਾ ਗਿਆ ਹੈ ਕਿ ਵੋਟ ਰਾਜਨੀਤੀ ਦੇ ਧੜਿਆਂ ਦੀ ਆਪਸੀ ਖਿੱਚੋਤਾਣ ਦੀ ਬਜਾਏ ਪੰਥਕ ਰਾਜਨੀਤੀ ਦੀ ਮੁੜ-ਉਸਾਰੀ ਦੇ ਯਤਨ ਹੋਣੇ ਚਾਹੀਦੇ ਹਨ। ਭਾਈ ਨਰਾਇਣ ਸਿੰਘ ਨੇ ਕਿਹਾ ਕਿ ਬਾਦਲ ਧੜਿਆਂ ਦੀ ਲੜਾਈ ਪੰਥਕ ਮਸਲਾ ਨਹੀਂ ਹੈ ਅਤੇ ਸਿੱਖ ਕੌਮ ਨੂੰ ਆਪਣੀਆਂ ਸੰਸਥਾਵਾਂ ਦੀ ਆਜ਼ਾਦੀ ਲਈ ਇੱਕਜੁੱਟ ਹੋਣਾ ਪਵੇਗਾ। ਉਨ੍ਹਾਂ ਸੰਗਤਾਂ ਨੂੰ ਪੰਥਕ ਏਕਤਾ ਲਈ ਅੱਗੇ ਆਉਣ ਦੀ ਅਪੀਲ ਕੀਤੀ।
ਤਰਨ ਤਾਰਨ, 8 ਅਗਸਤ (ਪ੍ਰੀਤਮ ਸਿੰਘ): ਪੰਥ ਸੇਵਕ ਜਥਿਆਂ ਵੱਲੋਂ ਜਾਰੀ ਬਿਆਨ ਵਿੱਚ ਕਿਹਾ ਗਿਆ ਹੈ ਕਿ ਵੋਟ ਰਾਜਨੀਤੀ ਦੇ ਧੜਿਆਂ ਦੀ ਆਪਸੀ ਖਿੱਚੋਤਾਣ ਦੀ ਬਜਾਏ ਪੰਥਕ ਰਾਜਨੀਤੀ ਦੀ ਮੁੜ-ਉਸਾਰੀ ਦੇ ਯਤਨ ਹੋਣੇ ਚਾਹੀਦੇ ਹਨ। ਭਾਈ ਨਰਾਇਣ ਸਿੰਘ ਨੇ ਕਿਹਾ ਕਿ ਬਾਦਲ ਧੜਿਆਂ ਦੀ ਲੜਾਈ ਪੰਥਕ ਮਸਲਾ ਨਹੀਂ ਹੈ ਅਤੇ ਸਿੱਖ ਕੌਮ ਨੂੰ ਆਪਣੀਆਂ ਸੰਸਥਾਵਾਂ ਦੀ ਆਜ਼ਾਦੀ ਲਈ ਇੱਕਜੁੱਟ ਹੋਣਾ ਪਵੇਗਾ। ਉਨ੍ਹਾਂ ਸੰਗਤਾਂ ਨੂੰ ਪੰਥਕ ਏਕਤਾ ਲਈ ਅੱਗੇ ਆਉਣ ਦੀ ਅਪੀਲ ਕੀਤੀ।
ਕਿਸਾਨ ਯੂਨੀਅਨ ਅੰਮ੍ਰਿਤਸਰ ਦੇ ਅਹੁਦੇਦਾਰਾਂ ਨੇ ਲਾਡੋਵਾਲ ਟੋਲ ਪਲਾਜ਼ਾ ਦੇ ਮੈਨੇਜਰ ਨਾਲ ਕੀਤੀ ਮੁਲਾਕਾਤ
ਮਸਲੇ ਦਾ ਅਗਰ ਜਲਦ ਹੱਲ ਨਾ ਕੀਤਾ ਗਿਆ ਤਾਂ ਆਉਣ ਵਾਲੀ 11 ਨੂੰ ਟੋਲ ਕੀਤਾ ਜਾਵੇਗਾ ਫਰੀ - ਜਥੇਦਾਰ ਚੀਮਾ
ਲੁਧਿਆਣਾ, 8 ਅਗਸਤ (ਗੁਰਪ੍ਰੀਤ ਸਿੰਘ): ਕਿਸਾਨ ਯੂਨੀਅਨ ਅੰਮ੍ਰਿਤਸਰ ਦੇ ਅਹੁਦੇਦਾਰਾਂ ਨੇ ਲਾਡੋਵਾਲ ਟੋਲ ਪਲਾਜ਼ਾ ਦੇ ਮੈਨੇਜਰ ਨਾਲ ਮੁਲਾਕਾਤ ਕਰਕੇ ਸਥਾਨਕ ਲੋਕਾਂ ਨੂੰ ਆ ਰਹੀਆਂ ਮੁਸ਼ਕਲਾਂ ਬਾਰੇ ਜਾਣੂ ਕਰਵਾਇਆ। ਜਥੇਦਾਰ ਚੀਮਾ ਨੇ ਕਿਹਾ ਕਿ ਜੇਕਰ ਮਸਲੇ ਦਾ ਜਲਦ ਹੱਲ ਨਾ ਕੀਤਾ ਗਿਆ ਤਾਂ 11 ਤਾਰੀਖ ਨੂੰ ਟੋਲ ਪਲਾਜ਼ਾ ਫਰੀ ਕਰ ਦਿੱਤਾ ਜਾਵੇਗਾ। ਇਸ ਮੌਕੇ ਯੂਨੀਅਨ ਦੇ ਕਈ ਆਗੂ ਅਤੇ ਵਰਕਰ ਹਾਜ਼ਰ ਸਨ।
ਲੁਧਿਆਣਾ, 8 ਅਗਸਤ (ਗੁਰਪ੍ਰੀਤ ਸਿੰਘ): ਕਿਸਾਨ ਯੂਨੀਅਨ ਅੰਮ੍ਰਿਤਸਰ ਦੇ ਅਹੁਦੇਦਾਰਾਂ ਨੇ ਲਾਡੋਵਾਲ ਟੋਲ ਪਲਾਜ਼ਾ ਦੇ ਮੈਨੇਜਰ ਨਾਲ ਮੁਲਾਕਾਤ ਕਰਕੇ ਸਥਾਨਕ ਲੋਕਾਂ ਨੂੰ ਆ ਰਹੀਆਂ ਮੁਸ਼ਕਲਾਂ ਬਾਰੇ ਜਾਣੂ ਕਰਵਾਇਆ। ਜਥੇਦਾਰ ਚੀਮਾ ਨੇ ਕਿਹਾ ਕਿ ਜੇਕਰ ਮਸਲੇ ਦਾ ਜਲਦ ਹੱਲ ਨਾ ਕੀਤਾ ਗਿਆ ਤਾਂ 11 ਤਾਰੀਖ ਨੂੰ ਟੋਲ ਪਲਾਜ਼ਾ ਫਰੀ ਕਰ ਦਿੱਤਾ ਜਾਵੇਗਾ। ਇਸ ਮੌਕੇ ਯੂਨੀਅਨ ਦੇ ਕਈ ਆਗੂ ਅਤੇ ਵਰਕਰ ਹਾਜ਼ਰ ਸਨ।
